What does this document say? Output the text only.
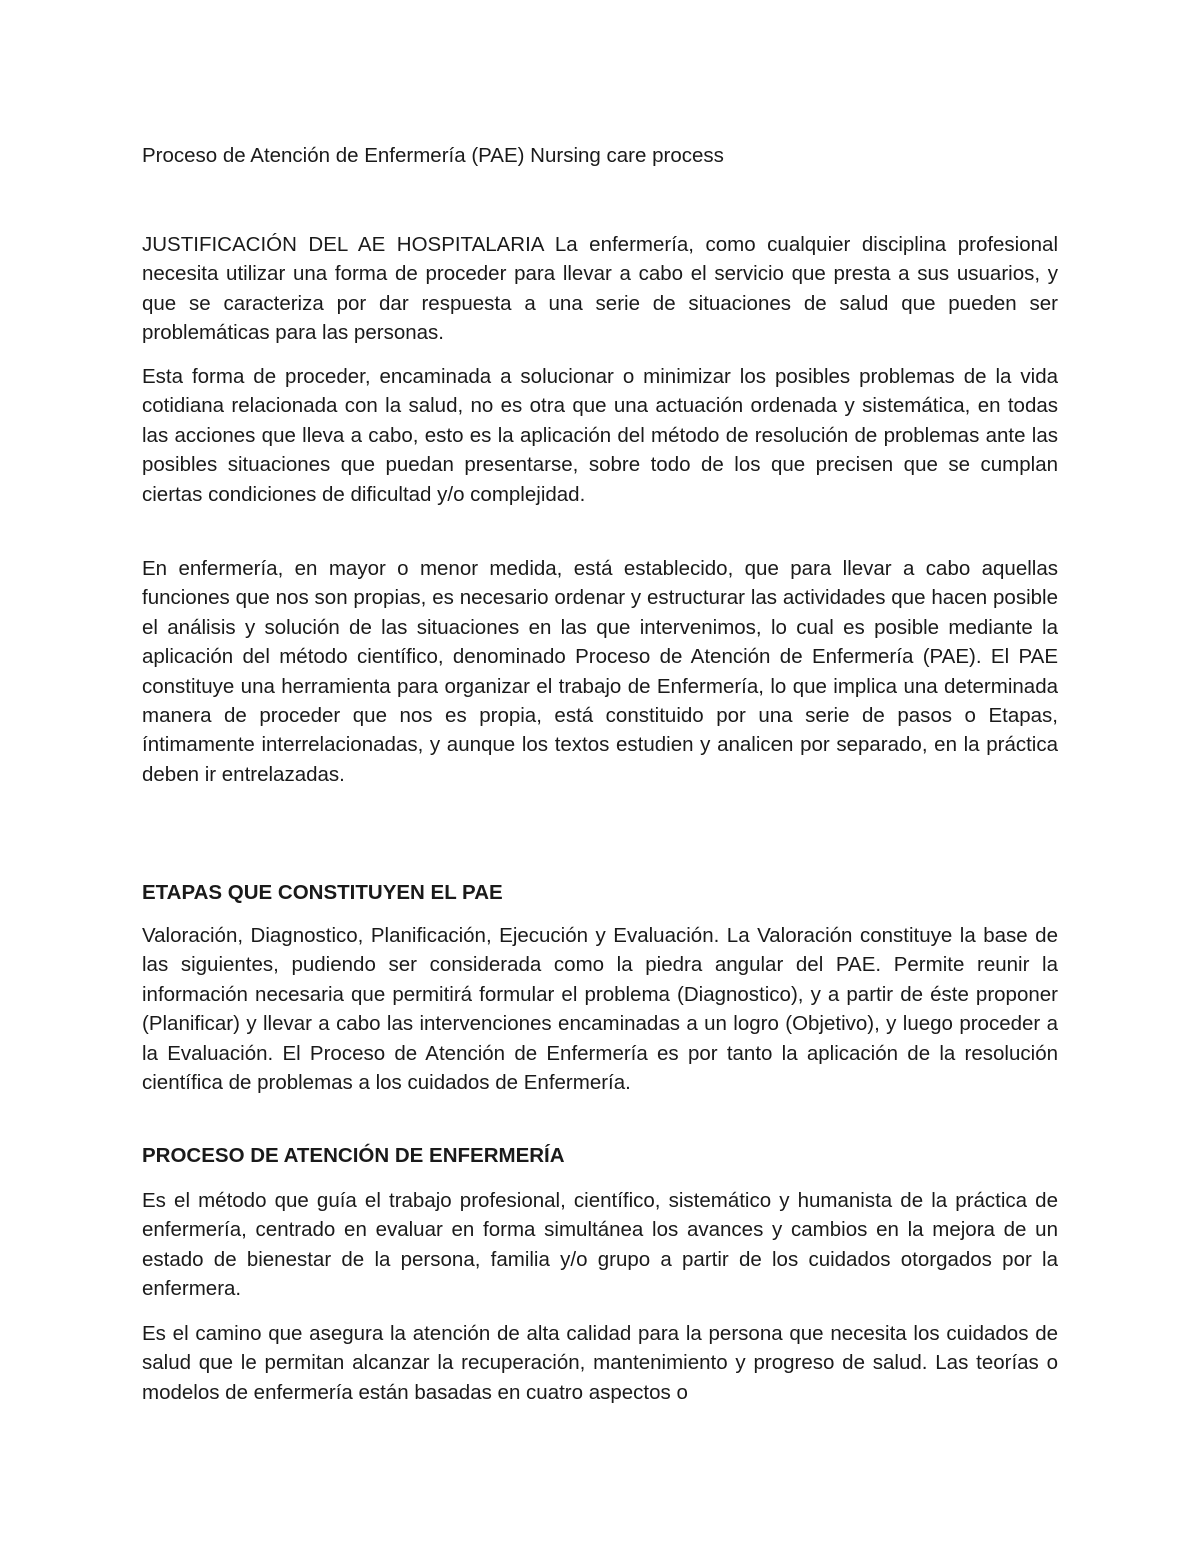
Proceso de Atención de Enfermería (PAE) Nursing care process

JUSTIFICACIÓN DEL AE HOSPITALARIA La enfermería, como cualquier disciplina profesional necesita utilizar una forma de proceder para llevar a cabo el servicio que presta a sus usuarios, y que se caracteriza por dar respuesta a una serie de situaciones de salud que pueden ser problemáticas para las personas.

Esta forma de proceder, encaminada a solucionar o minimizar los posibles problemas de la vida cotidiana relacionada con la salud, no es otra que una actuación ordenada y sistemática, en todas las acciones que lleva a cabo, esto es la aplicación del método de resolución de problemas ante las posibles situaciones que puedan presentarse, sobre todo de los que precisen que se cumplan ciertas condiciones de dificultad y/o complejidad.

En enfermería, en mayor o menor medida, está establecido, que para llevar a cabo aquellas funciones que nos son propias, es necesario ordenar y estructurar las actividades que hacen posible el análisis y solución de las situaciones en las que intervenimos, lo cual es posible mediante la aplicación del método científico, denominado Proceso de Atención de Enfermería (PAE). El PAE constituye una herramienta para organizar el trabajo de Enfermería, lo que implica una determinada manera de proceder que nos es propia, está constituido por una serie de pasos o Etapas, íntimamente interrelacionadas, y aunque los textos estudien y analicen por separado, en la práctica deben ir entrelazadas.

ETAPAS QUE CONSTITUYEN EL PAE

Valoración, Diagnostico, Planificación, Ejecución y Evaluación. La Valoración constituye la base de las siguientes, pudiendo ser considerada como la piedra angular del PAE. Permite reunir la información necesaria que permitirá formular el problema (Diagnostico), y a partir de éste proponer (Planificar) y llevar a cabo las intervenciones encaminadas a un logro (Objetivo), y luego proceder a la Evaluación. El Proceso de Atención de Enfermería es por tanto la aplicación de la resolución científica de problemas a los cuidados de Enfermería.

PROCESO DE ATENCIÓN DE ENFERMERÍA

Es el método que guía el trabajo profesional, científico, sistemático y humanista de la práctica de enfermería, centrado en evaluar en forma simultánea los avances y cambios en la mejora de un estado de bienestar de la persona, familia y/o grupo a partir de los cuidados otorgados por la enfermera.

Es el camino que asegura la atención de alta calidad para la persona que necesita los cuidados de salud que le permitan alcanzar la recuperación, mantenimiento y progreso de salud. Las teorías o modelos de enfermería están basadas en cuatro aspectos o
